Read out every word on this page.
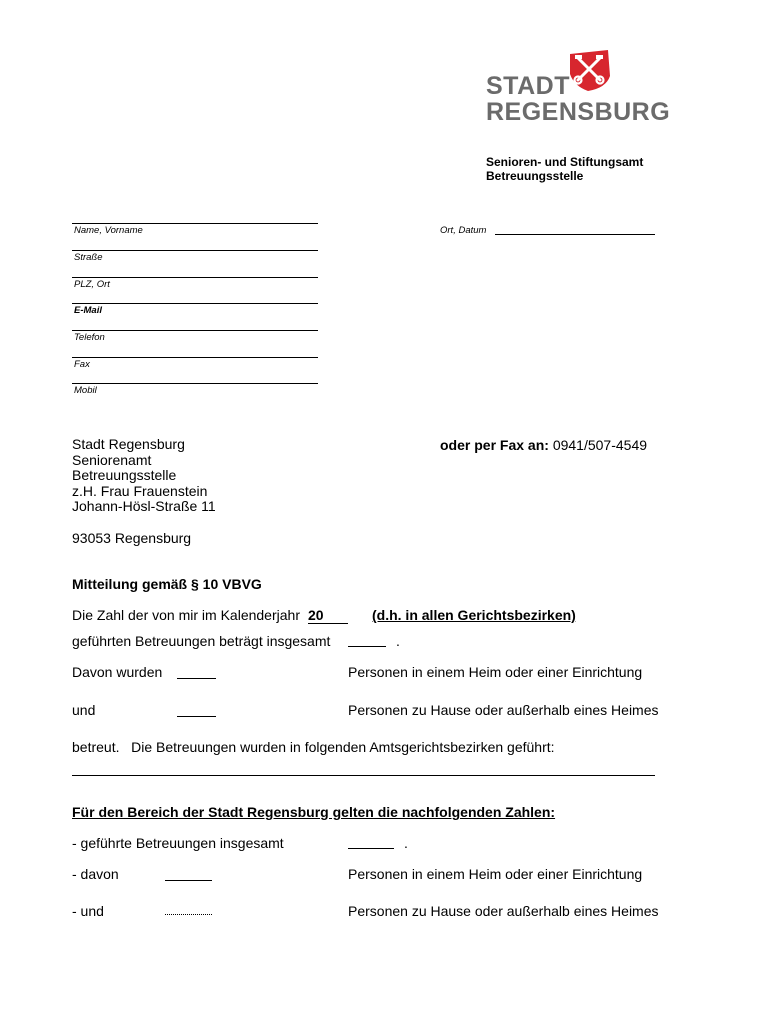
STADT
REGENSBURG
Senioren- und Stiftungsamt
Betreuungsstelle
Name, Vorname
Straße
PLZ, Ort
E-Mail
Telefon
Fax
Mobil
Ort, Datum
Stadt Regensburg
Seniorenamt
Betreuungsstelle
z.H. Frau Frauenstein
Johann-Hösl-Straße 11
93053 Regensburg
oder per Fax an: 0941/507-4549
Mitteilung gemäß § 10 VBVG
Die Zahl der von mir im Kalenderjahr 20	(d.h. in allen Gerichtsbezirken)
geführten Betreuungen beträgt insgesamt	.
Davon wurden	Personen in einem Heim oder einer Einrichtung
und	Personen zu Hause oder außerhalb eines Heimes
betreut.   Die Betreuungen wurden in folgenden Amtsgerichtsbezirken geführt:
Für den Bereich der Stadt Regensburg gelten die nachfolgenden Zahlen:
- geführte Betreuungen insgesamt	.
- davon	Personen in einem Heim oder einer Einrichtung
- und	Personen zu Hause oder außerhalb eines Heimes
